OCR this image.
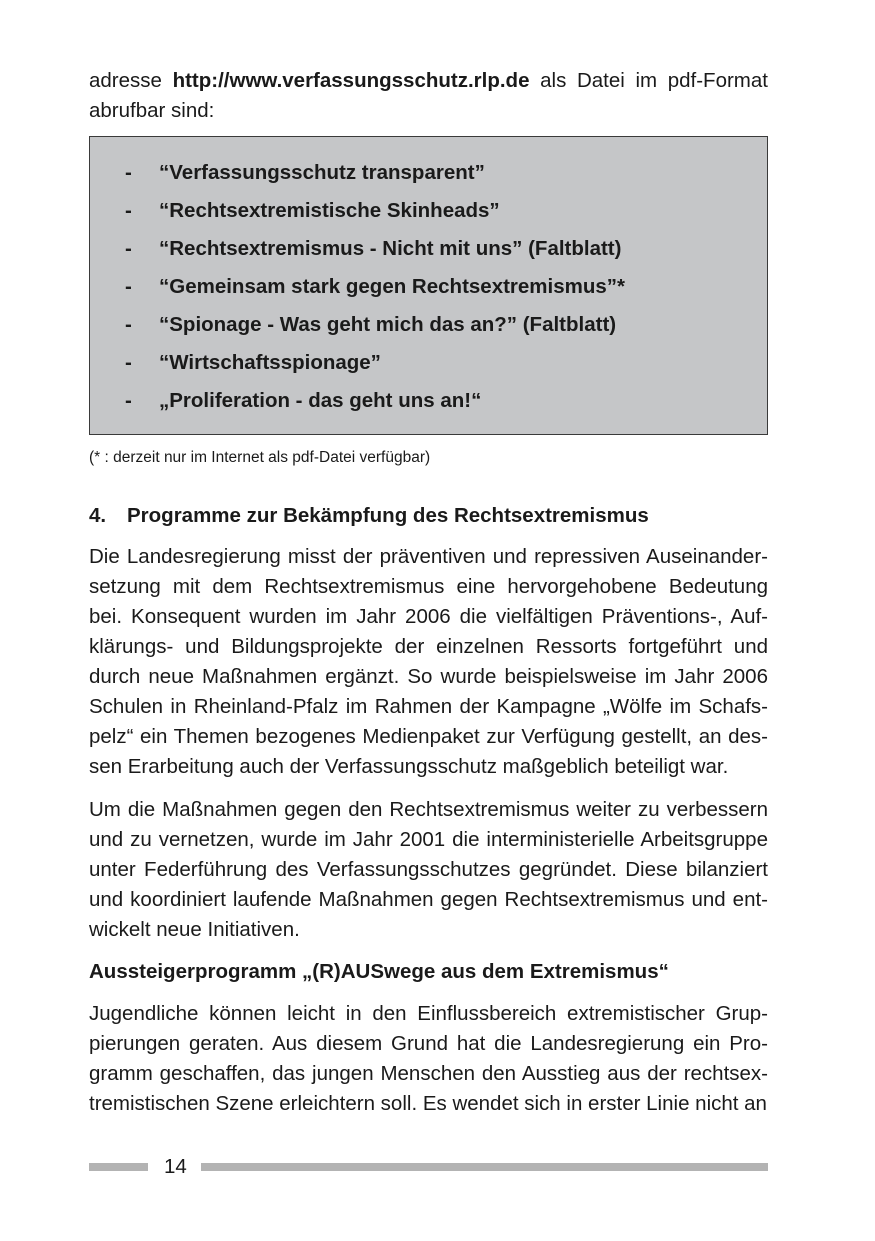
adresse http://www.verfassungsschutz.rlp.de als Datei im pdf-Format abrufbar sind:

-	“Verfassungsschutz transparent”
-	“Rechtsextremistische Skinheads”
-	“Rechtsextremismus - Nicht mit uns” (Faltblatt)
-	“Gemeinsam stark gegen Rechtsextremismus”*
-	“Spionage - Was geht mich das an?” (Faltblatt)
-	“Wirtschaftsspionage”
-	„Proliferation - das geht uns an!“

(* : derzeit nur im Internet als pdf-Datei verfügbar)

4.	Programme zur Bekämpfung des Rechtsextremismus

Die Landesregierung misst der präventiven und repressiven Auseinandersetzung mit dem Rechtsextremismus eine hervorgehobene Bedeutung bei. Konsequent wurden im Jahr 2006 die vielfältigen Präventions-, Aufklärungs- und Bildungsprojekte der einzelnen Ressorts fortgeführt und durch neue Maßnahmen ergänzt. So wurde beispielsweise im Jahr 2006 Schulen in Rheinland-Pfalz im Rahmen der Kampagne „Wölfe im Schafspelz“ ein Themen bezogenes Medienpaket zur Verfügung gestellt, an dessen Erarbeitung auch der Verfassungsschutz maßgeblich beteiligt war.

Um die Maßnahmen gegen den Rechtsextremismus weiter zu verbessern und zu vernetzen, wurde im Jahr 2001 die interministerielle Arbeitsgruppe unter Federführung des Verfassungsschutzes gegründet. Diese bilanziert und koordiniert laufende Maßnahmen gegen Rechtsextremismus und entwickelt neue Initiativen.

Aussteigerprogramm „(R)AUSwege aus dem Extremismus“

Jugendliche können leicht in den Einflussbereich extremistischer Gruppierungen geraten. Aus diesem Grund hat die Landesregierung ein Programm geschaffen, das jungen Menschen den Ausstieg aus der rechtsextremistischen Szene erleichtern soll. Es wendet sich in erster Linie nicht an

14
